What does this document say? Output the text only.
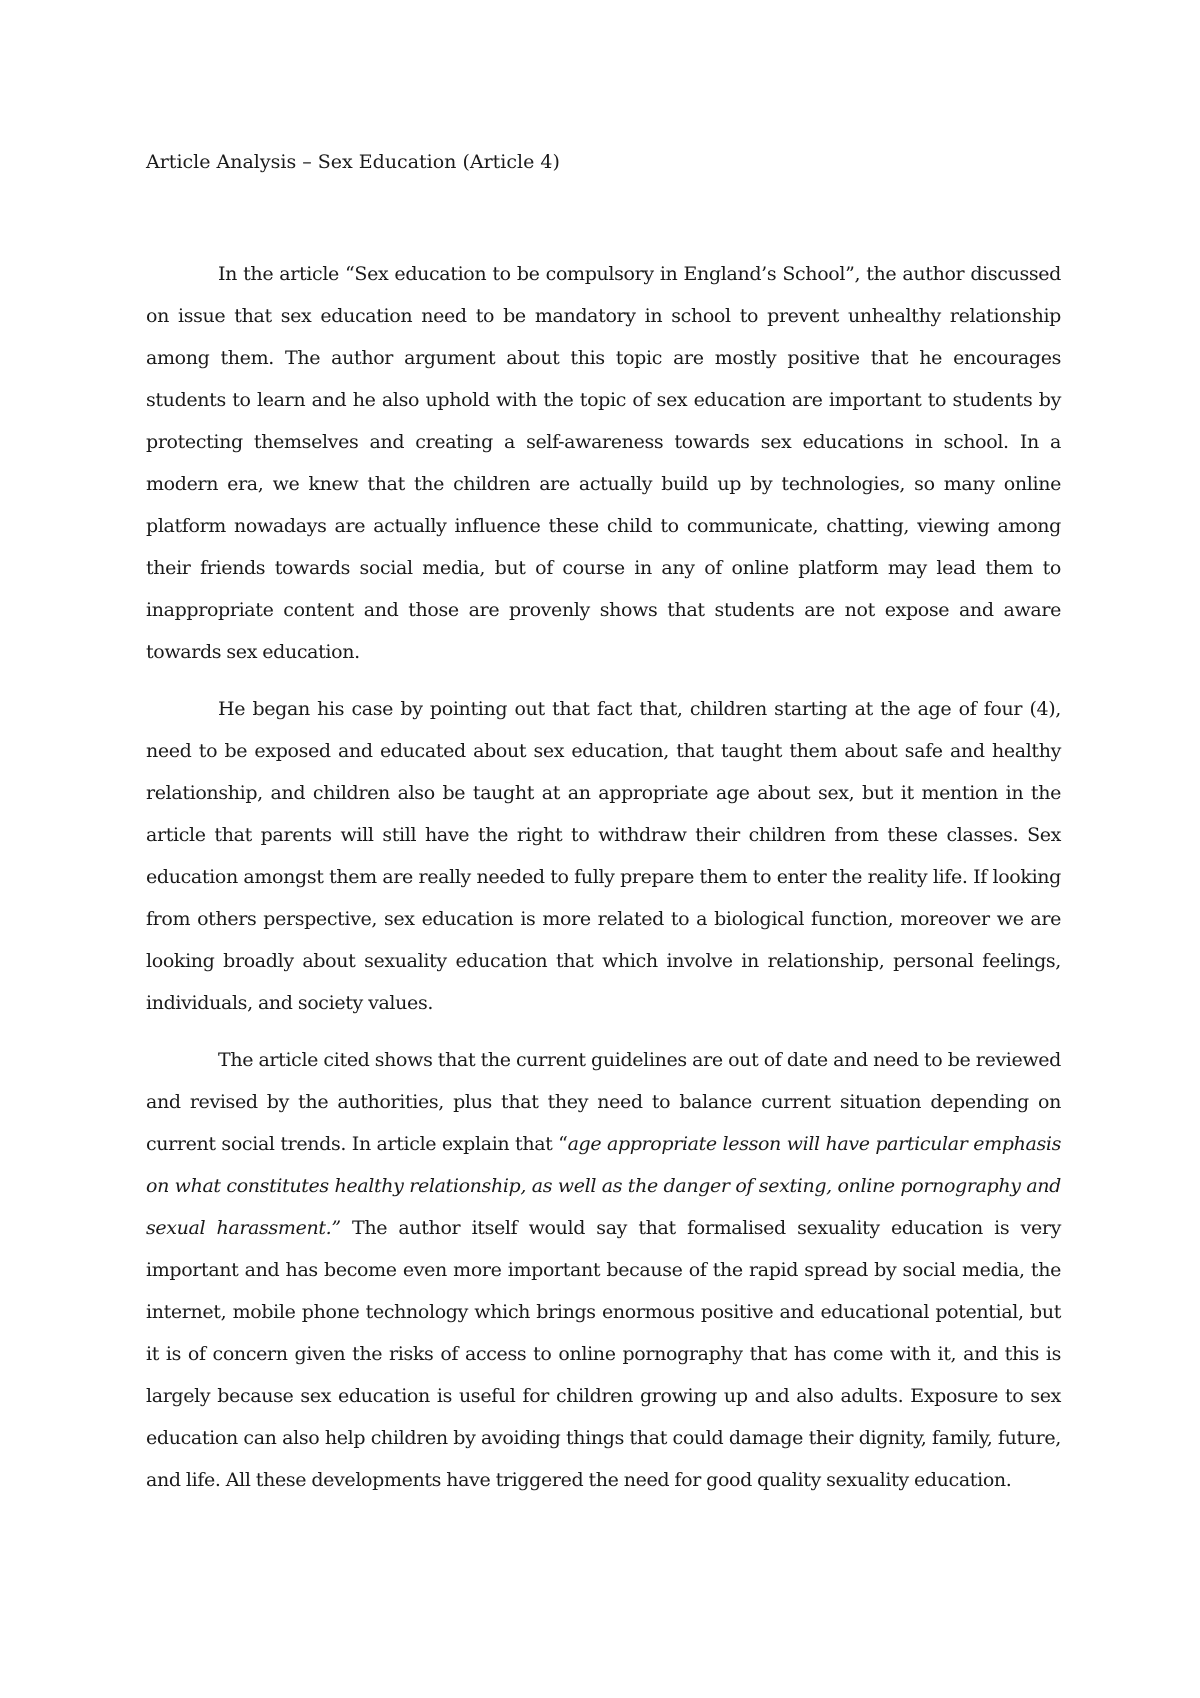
Article Analysis – Sex Education (Article 4)

In the article “Sex education to be compulsory in England’s School”, the author discussed on issue that sex education need to be mandatory in school to prevent unhealthy relationship among them. The author argument about this topic are mostly positive that he encourages students to learn and he also uphold with the topic of sex education are important to students by protecting themselves and creating a self-awareness towards sex educations in school. In a modern era, we knew that the children are actually build up by technologies, so many online platform nowadays are actually influence these child to communicate, chatting, viewing among their friends towards social media, but of course in any of online platform may lead them to inappropriate content and those are provenly shows that students are not expose and aware towards sex education.

He began his case by pointing out that fact that, children starting at the age of four (4), need to be exposed and educated about sex education, that taught them about safe and healthy relationship, and children also be taught at an appropriate age about sex, but it mention in the article that parents will still have the right to withdraw their children from these classes. Sex education amongst them are really needed to fully prepare them to enter the reality life. If looking from others perspective, sex education is more related to a biological function, moreover we are looking broadly about sexuality education that which involve in relationship, personal feelings, individuals, and society values.

The article cited shows that the current guidelines are out of date and need to be reviewed and revised by the authorities, plus that they need to balance current situation depending on current social trends. In article explain that “age appropriate lesson will have particular emphasis on what constitutes healthy relationship, as well as the danger of sexting, online pornography and sexual harassment.” The author itself would say that formalised sexuality education is very important and has become even more important because of the rapid spread by social media, the internet, mobile phone technology which brings enormous positive and educational potential, but it is of concern given the risks of access to online pornography that has come with it, and this is largely because sex education is useful for children growing up and also adults. Exposure to sex education can also help children by avoiding things that could damage their dignity, family, future, and life. All these developments have triggered the need for good quality sexuality education.
